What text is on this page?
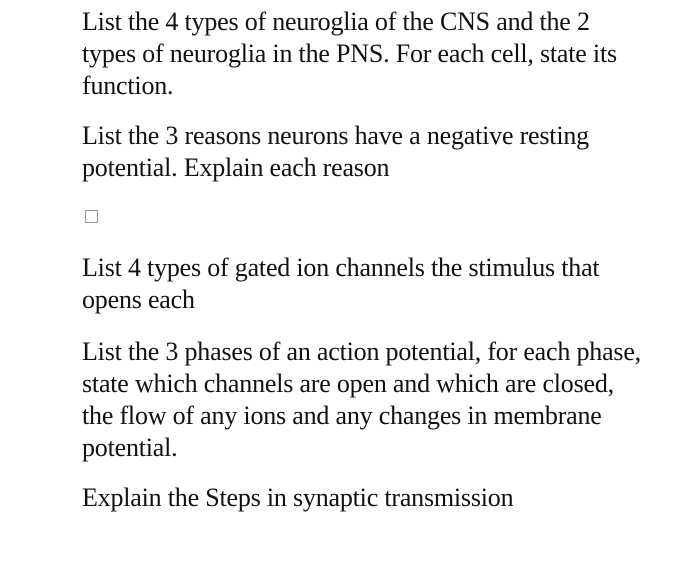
List the 4 types of neuroglia of the CNS and the 2 types of neuroglia in the PNS. For each cell, state its function.

List the 3 reasons neurons have a negative resting potential. Explain each reason

List 4 types of gated ion channels the stimulus that opens each

List the 3 phases of an action potential, for each phase, state which channels are open and which are closed, the flow of any ions and any changes in membrane potential.

Explain the Steps in synaptic transmission
